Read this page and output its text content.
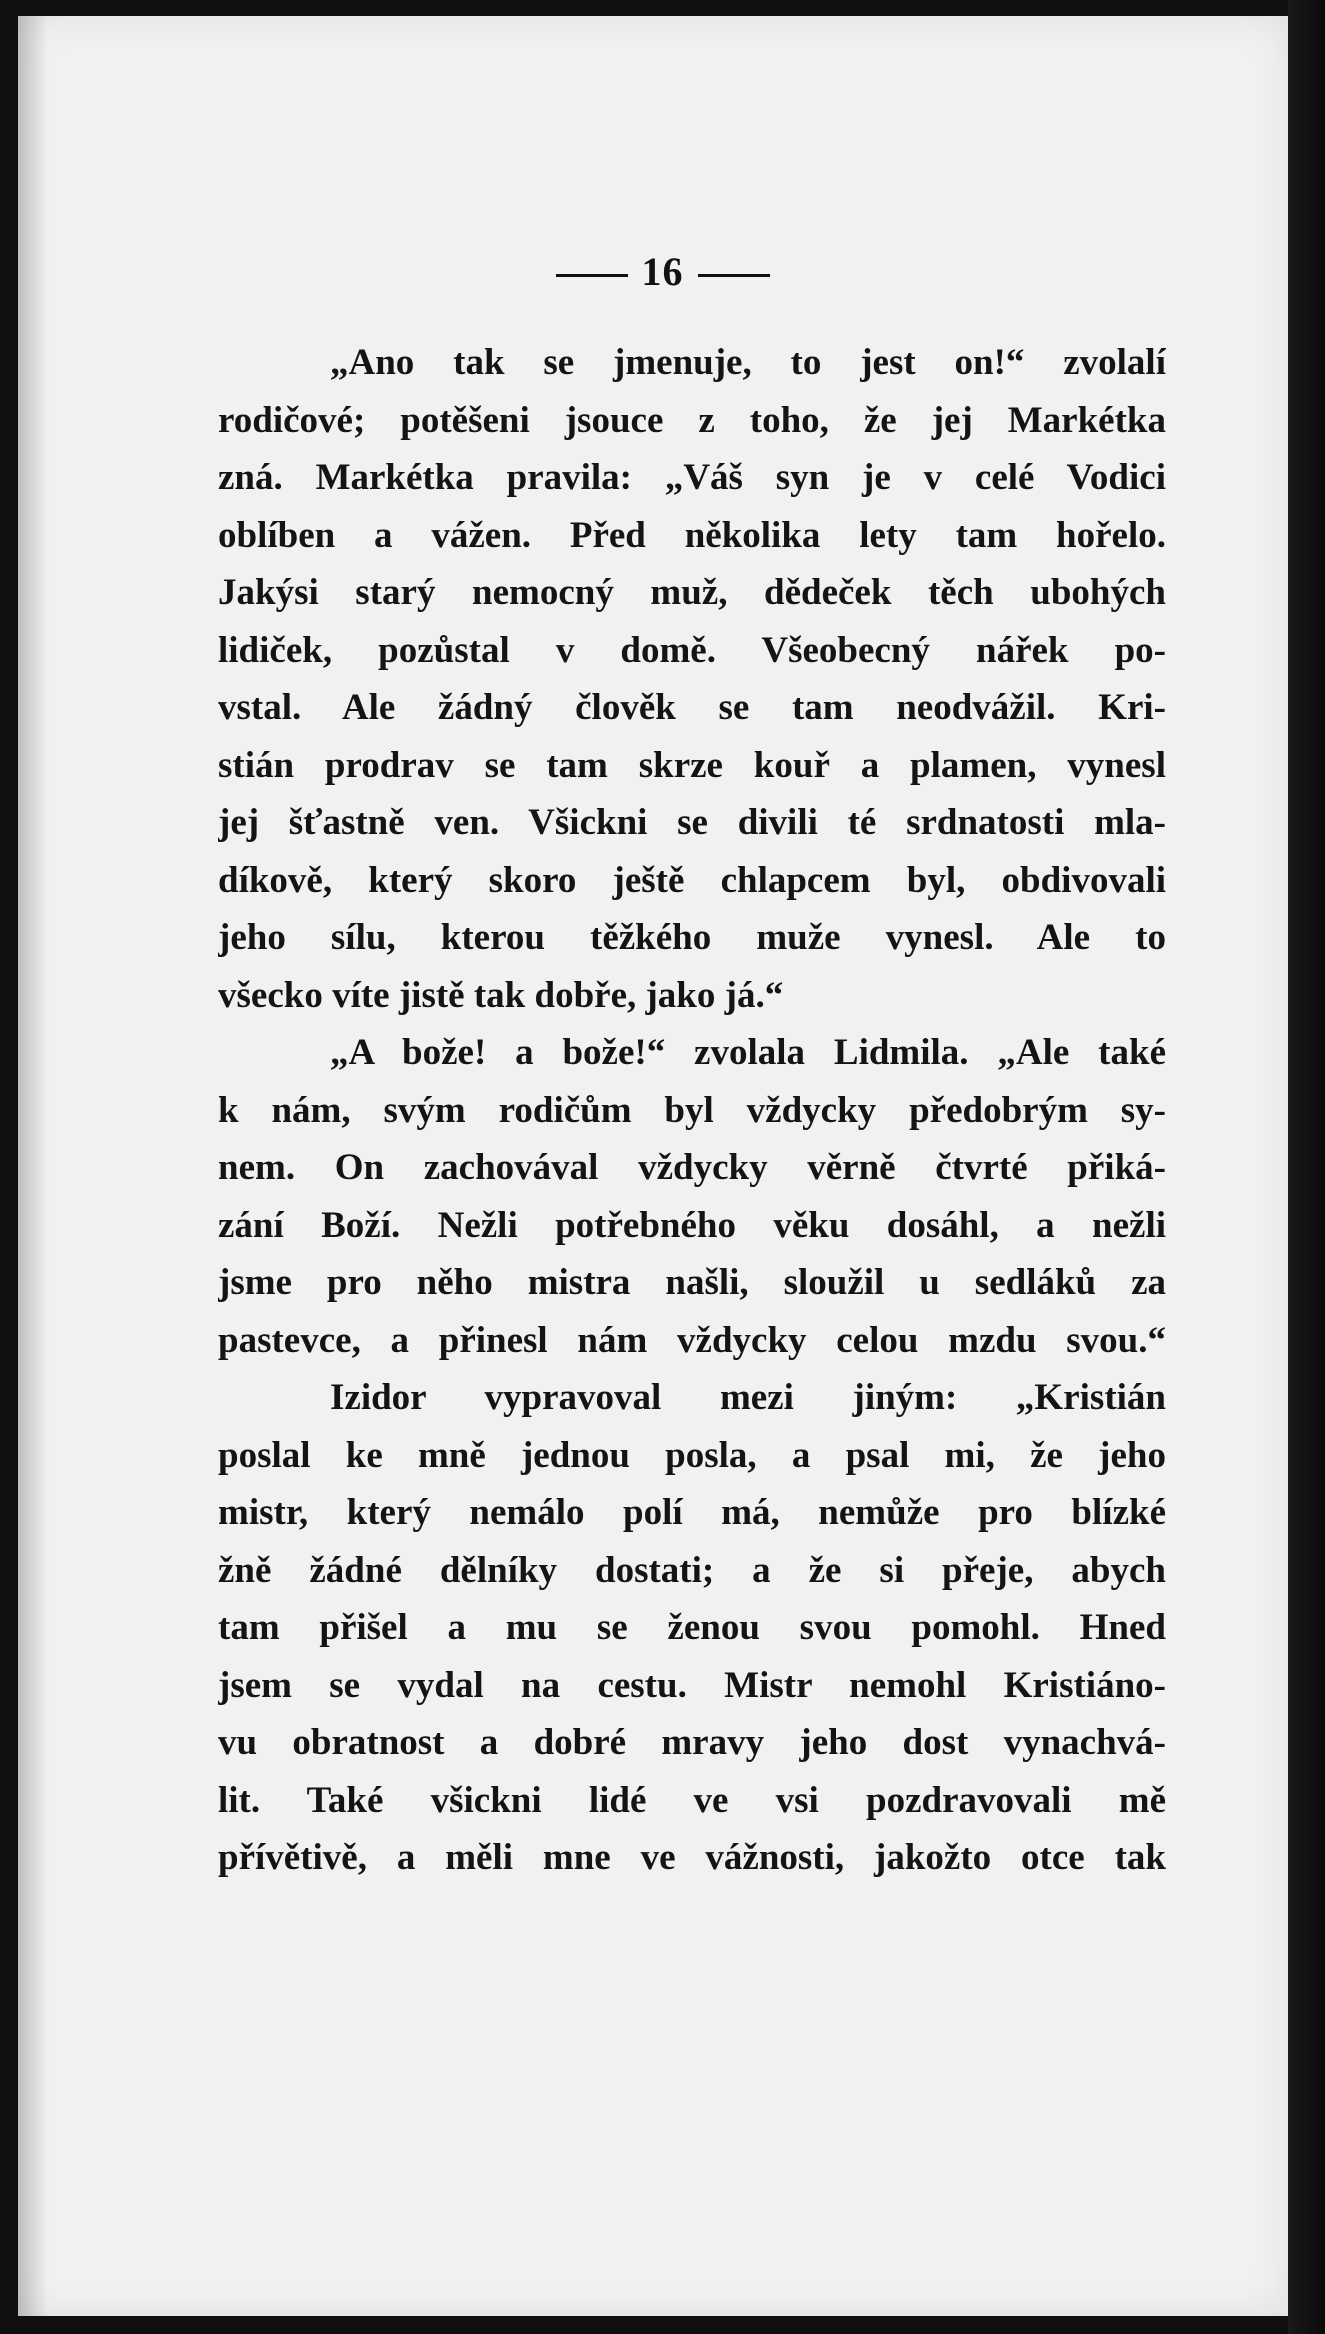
16
„Ano tak se jmenuje, to jest on!“ zvolalí
rodičové; potěšeni jsouce z toho, že jej Markétka
zná. Markétka pravila: „Váš syn je v celé Vodici
oblíben a vážen. Před několika lety tam hořelo.
Jakýsi starý nemocný muž, dědeček těch ubohých
lidiček, pozůstal v domě. Všeobecný nářek po-
vstal. Ale žádný člověk se tam neodvážil. Kri-
stián prodrav se tam skrze kouř a plamen, vynesl
jej šťastně ven. Všickni se divili té srdnatosti mla-
díkově, který skoro ještě chlapcem byl, obdivovali
jeho sílu, kterou těžkého muže vynesl. Ale to
všecko víte jistě tak dobře, jako já.“
„A bože! a bože!“ zvolala Lidmila. „Ale také
k nám, svým rodičům byl vždycky předobrým sy-
nem. On zachovával vždycky věrně čtvrté přiká-
zání Boží. Nežli potřebného věku dosáhl, a nežli
jsme pro něho mistra našli, sloužil u sedláků za
pastevce, a přinesl nám vždycky celou mzdu svou.“
Izidor vypravoval mezi jiným: „Kristián
poslal ke mně jednou posla, a psal mi, že jeho
mistr, který nemálo polí má, nemůže pro blízké
žně žádné dělníky dostati; a že si přeje, abych
tam přišel a mu se ženou svou pomohl. Hned
jsem se vydal na cestu. Mistr nemohl Kristiáno-
vu obratnost a dobré mravy jeho dost vynachvá-
lit. Také všickni lidé ve vsi pozdravovali mě
přívětivě, a měli mne ve vážnosti, jakožto otce tak
